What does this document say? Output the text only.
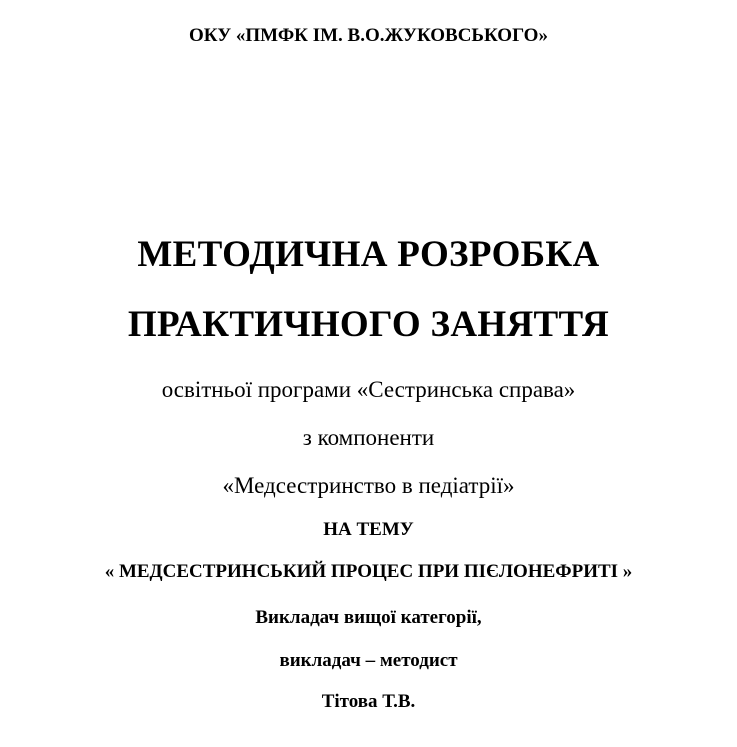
ОКУ «ПМФК ІМ. В.О.ЖУКОВСЬКОГО»
МЕТОДИЧНА РОЗРОБКА
ПРАКТИЧНОГО ЗАНЯТТЯ
освітньої програми «Сестринська справа»
з компоненти
«Медсестринство в педіатрії»
НА ТЕМУ
« МЕДСЕСТРИНСЬКИЙ ПРОЦЕС ПРИ ПІЄЛОНЕФРИТІ »
Викладач вищої категорії,
викладач – методист
Тітова Т.В.
